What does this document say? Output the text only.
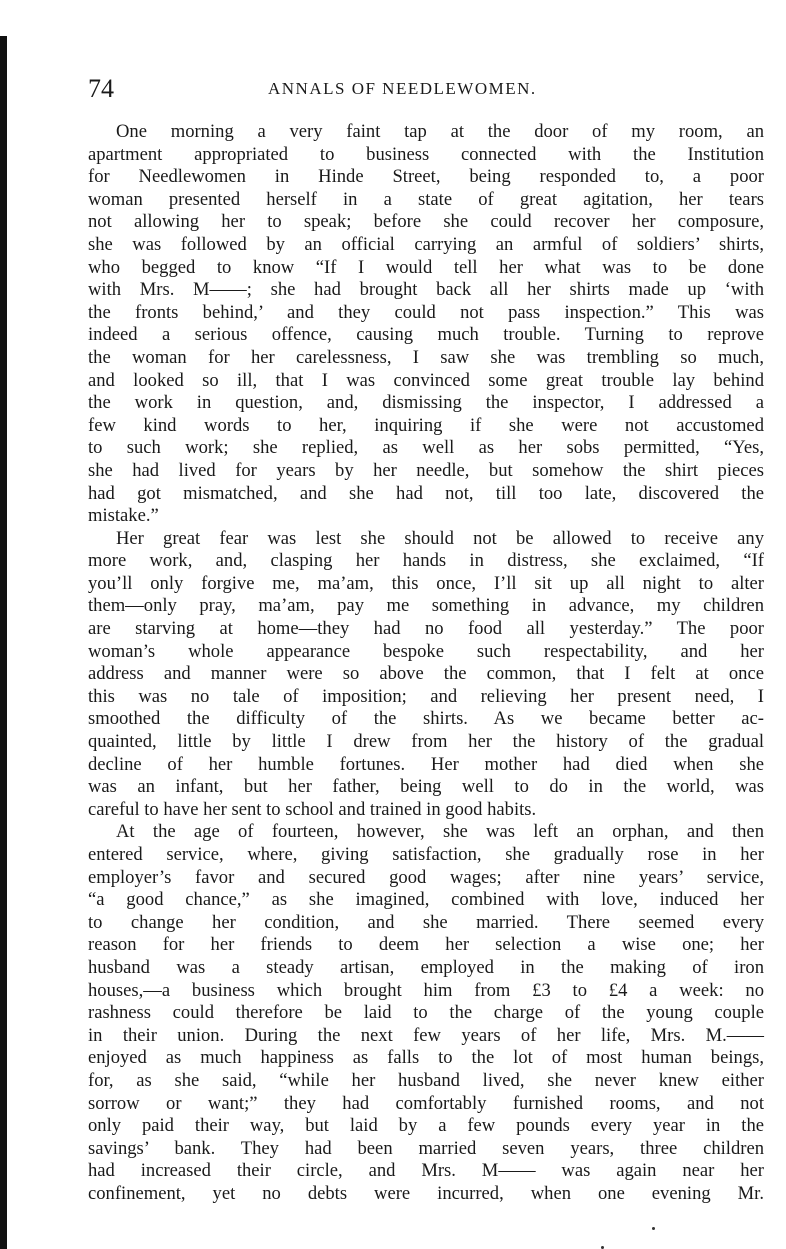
74	ANNALS OF NEEDLEWOMEN.
One morning a very faint tap at the door of my room, an
apartment appropriated to business connected with the Institution
for Needlewomen in Hinde Street, being responded to, a poor
woman presented herself in a state of great agitation, her tears
not allowing her to speak; before she could recover her composure,
she was followed by an official carrying an armful of soldiers’ shirts,
who begged to know “If I would tell her what was to be done
with Mrs. M——; she had brought back all her shirts made up ‘with
the fronts behind,’ and they could not pass inspection.” This was
indeed a serious offence, causing much trouble. Turning to reprove
the woman for her carelessness, I saw she was trembling so much,
and looked so ill, that I was convinced some great trouble lay behind
the work in question, and, dismissing the inspector, I addressed a
few kind words to her, inquiring if she were not accustomed
to such work; she replied, as well as her sobs permitted, “Yes,
she had lived for years by her needle, but somehow the shirt pieces
had got mismatched, and she had not, till too late, discovered the
mistake.”
Her great fear was lest she should not be allowed to receive any
more work, and, clasping her hands in distress, she exclaimed, “If
you’ll only forgive me, ma’am, this once, I’ll sit up all night to alter
them—only pray, ma’am, pay me something in advance, my children
are starving at home—they had no food all yesterday.” The poor
woman’s whole appearance bespoke such respectability, and her
address and manner were so above the common, that I felt at once
this was no tale of imposition; and relieving her present need, I
smoothed the difficulty of the shirts. As we became better ac-
quainted, little by little I drew from her the history of the gradual
decline of her humble fortunes. Her mother had died when she
was an infant, but her father, being well to do in the world, was
careful to have her sent to school and trained in good habits.
At the age of fourteen, however, she was left an orphan, and then
entered service, where, giving satisfaction, she gradually rose in her
employer’s favor and secured good wages; after nine years’ service,
“a good chance,” as she imagined, combined with love, induced her
to change her condition, and she married. There seemed every
reason for her friends to deem her selection a wise one; her
husband was a steady artisan, employed in the making of iron
houses,—a business which brought him from £3 to £4 a week: no
rashness could therefore be laid to the charge of the young couple
in their union. During the next few years of her life, Mrs. M.——
enjoyed as much happiness as falls to the lot of most human beings,
for, as she said, “while her husband lived, she never knew either
sorrow or want;” they had comfortably furnished rooms, and not
only paid their way, but laid by a few pounds every year in the
savings’ bank. They had been married seven years, three children
had increased their circle, and Mrs. M—— was again near her
confinement, yet no debts were incurred, when one evening Mr.
